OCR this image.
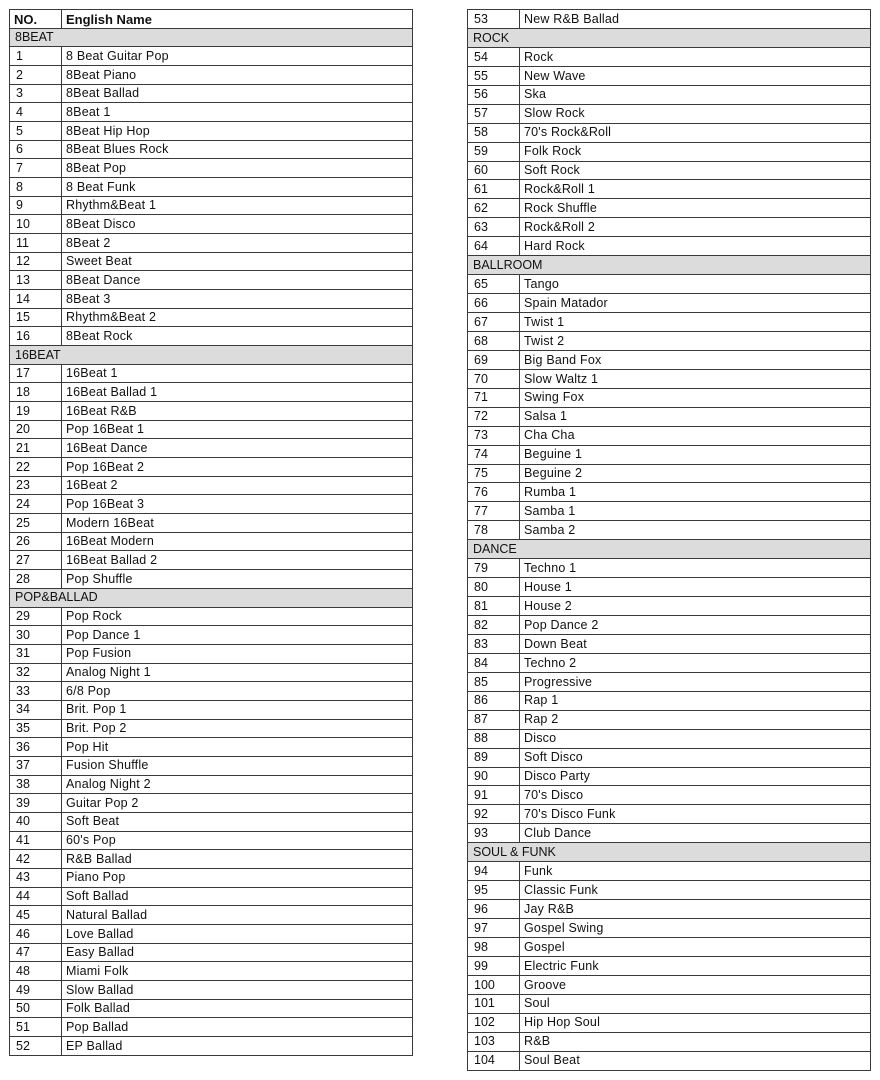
NO.	English Name
8BEAT	
1	8 Beat Guitar Pop
2	8Beat Piano
3	8Beat Ballad
4	8Beat 1
5	8Beat Hip Hop
6	8Beat Blues Rock
7	8Beat Pop
8	8 Beat Funk
9	Rhythm&Beat 1
10	8Beat Disco
11	8Beat 2
12	Sweet Beat
13	8Beat Dance
14	8Beat 3
15	Rhythm&Beat 2
16	8Beat Rock
16BEAT	
17	16Beat 1
18	16Beat Ballad 1
19	16Beat R&B
20	Pop 16Beat 1
21	16Beat Dance
22	Pop 16Beat 2
23	16Beat 2
24	Pop 16Beat 3
25	Modern 16Beat
26	16Beat Modern
27	16Beat Ballad 2
28	Pop Shuffle
POP&BALLAD	
29	Pop Rock
30	Pop Dance 1
31	Pop Fusion
32	Analog Night 1
33	6/8 Pop
34	Brit. Pop 1
35	Brit. Pop 2
36	Pop Hit
37	Fusion Shuffle
38	Analog Night 2
39	Guitar Pop 2
40	Soft Beat
41	60's Pop
42	R&B Ballad
43	Piano Pop
44	Soft Ballad
45	Natural Ballad
46	Love Ballad
47	Easy Ballad
48	Miami Folk
49	Slow Ballad
50	Folk Ballad
51	Pop Ballad
52	EP Ballad
53	New R&B Ballad
ROCK	
54	Rock
55	New Wave
56	Ska
57	Slow Rock
58	70's Rock&Roll
59	Folk Rock
60	Soft Rock
61	Rock&Roll 1
62	Rock Shuffle
63	Rock&Roll 2
64	Hard Rock
BALLROOM	
65	Tango
66	Spain Matador
67	Twist 1
68	Twist 2
69	Big Band Fox
70	Slow Waltz 1
71	Swing Fox
72	Salsa 1
73	Cha Cha
74	Beguine 1
75	Beguine 2
76	Rumba 1
77	Samba 1
78	Samba 2
DANCE	
79	Techno 1
80	House 1
81	House 2
82	Pop Dance 2
83	Down Beat
84	Techno 2
85	Progressive
86	Rap 1
87	Rap 2
88	Disco
89	Soft Disco
90	Disco Party
91	70's Disco
92	70's Disco Funk
93	Club Dance
SOUL & FUNK	
94	Funk
95	Classic Funk
96	Jay R&B
97	Gospel Swing
98	Gospel
99	Electric Funk
100	Groove
101	Soul
102	Hip Hop Soul
103	R&B
104	Soul Beat
